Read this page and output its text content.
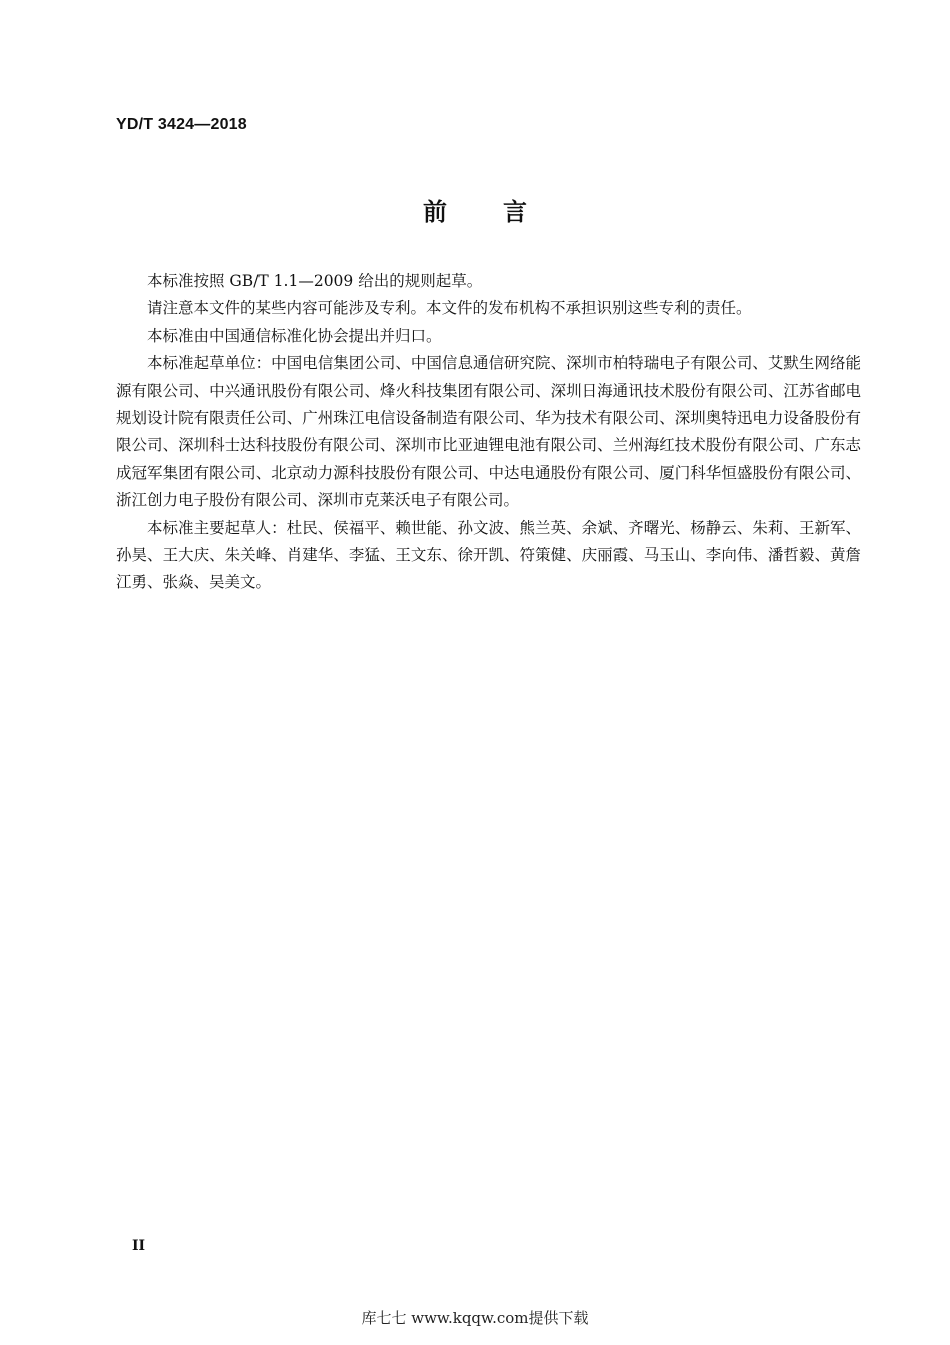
YD/T 3424—2018
前 言

本标准按照 GB/T 1.1—2009 给出的规则起草。

请注意本文件的某些内容可能涉及专利。本文件的发布机构不承担识别这些专利的责任。

本标准由中国通信标准化协会提出并归口。

本标准起草单位：中国电信集团公司、中国信息通信研究院、深圳市柏特瑞电子有限公司、艾默生网络能源有限公司、中兴通讯股份有限公司、烽火科技集团有限公司、深圳日海通讯技术股份有限公司、江苏省邮电规划设计院有限责任公司、广州珠江电信设备制造有限公司、华为技术有限公司、深圳奥特迅电力设备股份有限公司、深圳科士达科技股份有限公司、深圳市比亚迪锂电池有限公司、兰州海红技术股份有限公司、广东志成冠军集团有限公司、北京动力源科技股份有限公司、中达电通股份有限公司、厦门科华恒盛股份有限公司、浙江创力电子股份有限公司、深圳市克莱沃电子有限公司。

本标准主要起草人：杜民、侯福平、赖世能、孙文波、熊兰英、余斌、齐曙光、杨静云、朱莉、王新军、孙昊、王大庆、朱关峰、肖建华、李猛、王文东、徐开凯、符策健、庆丽霞、马玉山、李向伟、潘哲毅、黄詹江勇、张焱、吴美文。

II
库七七 www.kqqw.com提供下载
